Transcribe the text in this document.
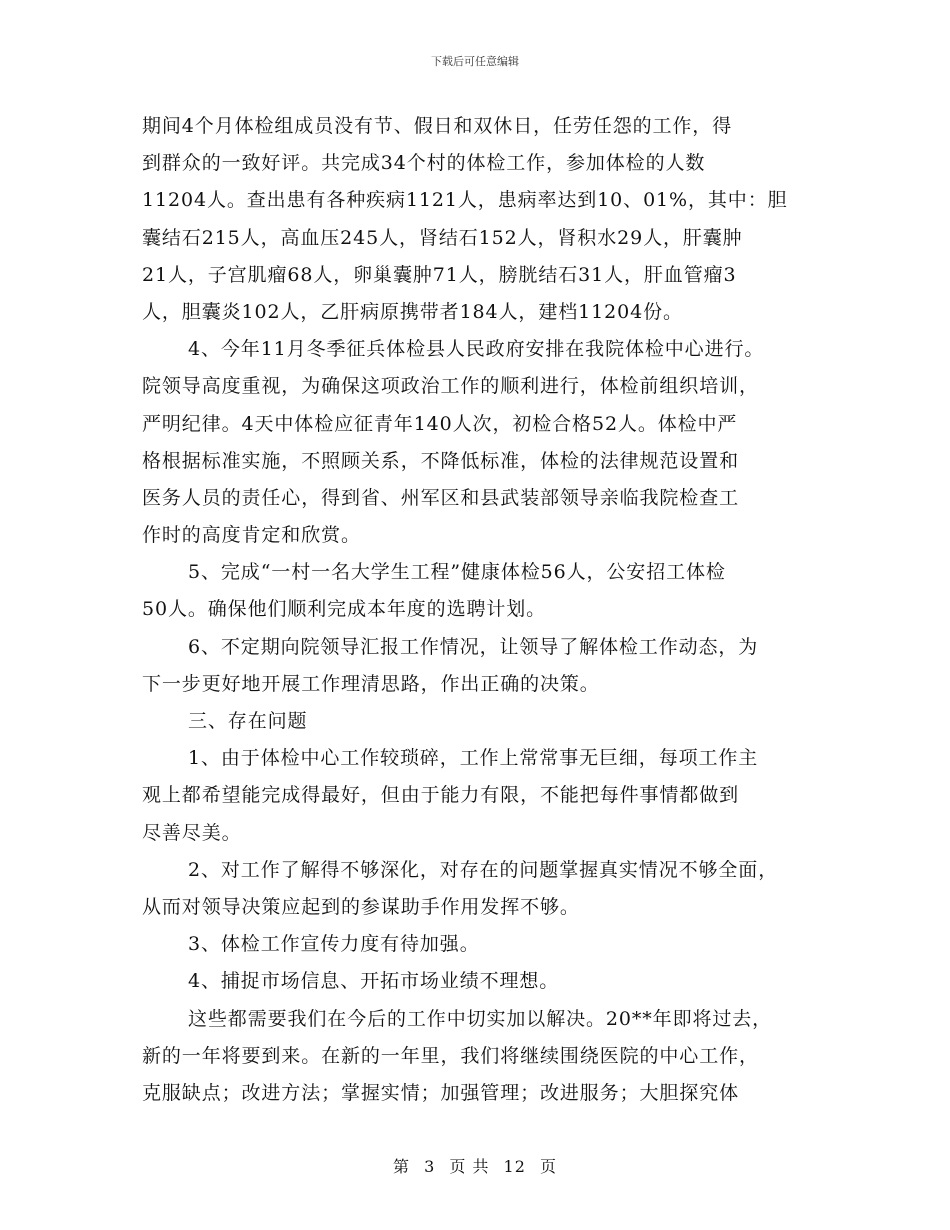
下载后可任意编辑
期间4个月体检组成员没有节、假日和双休日，任劳任怨的工作，得
到群众的一致好评。共完成34个村的体检工作，参加体检的人数
11204人。查出患有各种疾病1121人，患病率达到10、01%，其中：胆
囊结石215人，高血压245人，肾结石152人，肾积水29人，肝囊肿
21人，子宫肌瘤68人，卵巢囊肿71人，膀胱结石31人，肝血管瘤3
人，胆囊炎102人，乙肝病原携带者184人，建档11204份。
4、今年11月冬季征兵体检县人民政府安排在我院体检中心进行。
院领导高度重视，为确保这项政治工作的顺利进行，体检前组织培训，
严明纪律。4天中体检应征青年140人次，初检合格52人。体检中严
格根据标准实施，不照顾关系，不降低标准，体检的法律规范设置和
医务人员的责任心，得到省、州军区和县武装部领导亲临我院检查工
作时的高度肯定和欣赏。
5、完成“一村一名大学生工程”健康体检56人，公安招工体检
50人。确保他们顺利完成本年度的选聘计划。
6、不定期向院领导汇报工作情况，让领导了解体检工作动态，为
下一步更好地开展工作理清思路，作出正确的决策。
三、存在问题
1、由于体检中心工作较琐碎，工作上常常事无巨细，每项工作主
观上都希望能完成得最好，但由于能力有限，不能把每件事情都做到
尽善尽美。
2、对工作了解得不够深化，对存在的问题掌握真实情况不够全面，
从而对领导决策应起到的参谋助手作用发挥不够。
3、体检工作宣传力度有待加强。
4、捕捉市场信息、开拓市场业绩不理想。
这些都需要我们在今后的工作中切实加以解决。20**年即将过去，
新的一年将要到来。在新的一年里，我们将继续围绕医院的中心工作，
克服缺点；改进方法；掌握实情；加强管理；改进服务；大胆探究体
第 3 页 共 12 页
